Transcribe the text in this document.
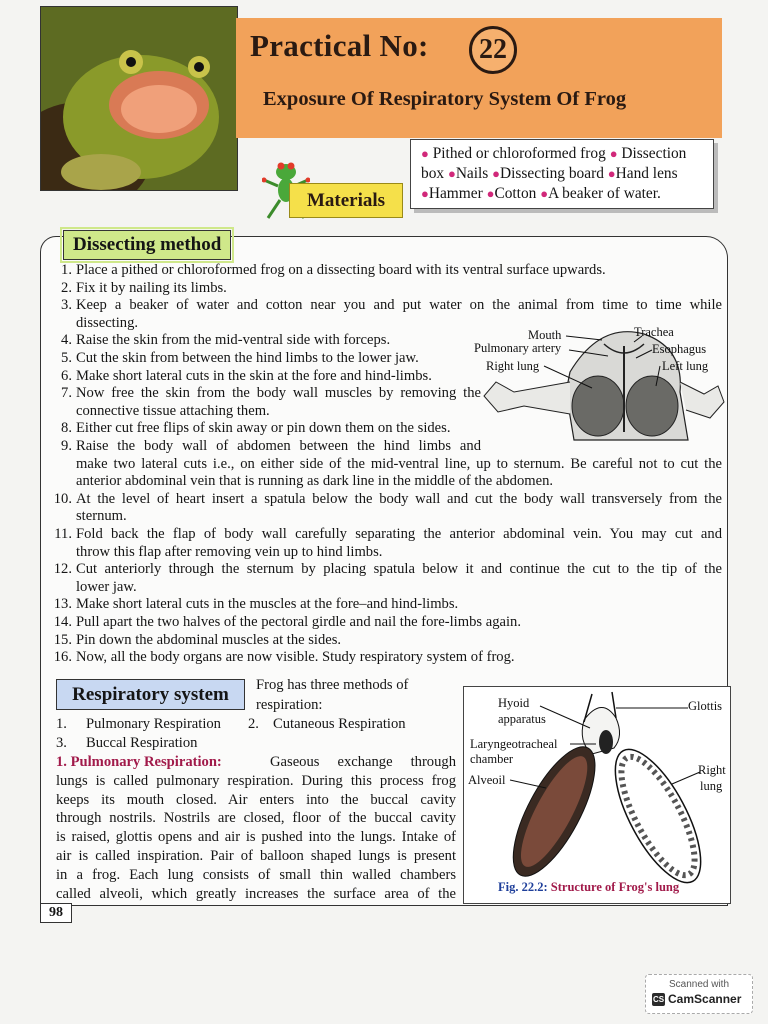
Practical No:	22
Exposure Of Respiratory System Of Frog
Materials
● Pithed or chloroformed frog ● Dissection
box ●Nails ●Dissecting board ●Hand lens
●Hammer ●Cotton ●A beaker of water.
Dissecting method
1. Place a pithed or chloroformed frog on a dissecting board with its ventral surface upwards.
2. Fix it by nailing its limbs.
3. Keep a beaker of water and cotton near you and put water on the animal from time to time while
dissecting.
4. Raise the skin from the mid-ventral side with forceps.
5. Cut the skin from between the hind limbs to the lower jaw.
6. Make short lateral cuts in the skin at the fore and hind-limbs.
7. Now free the skin from the body wall muscles by removing the
connective tissue attaching them.
8. Either cut free flips of skin away or pin down them on the sides.
9. Raise the body wall of abdomen between the hind limbs and
make two lateral cuts i.e., on either side of the mid-ventral line, up to sternum. Be careful not to cut the
anterior abdominal vein that is running as dark line in the middle of the abdomen.
10. At the level of heart insert a spatula below the body wall and cut the body wall transversely from the
sternum.
11. Fold back the flap of body wall carefully separating the anterior abdominal vein. You may cut and
throw this flap after removing vein up to hind limbs.
12. Cut anteriorly through the sternum by placing spatula below it and continue the cut to the tip of the
lower jaw.
13. Make short lateral cuts in the muscles at the fore–and hind-limbs.
14. Pull apart the two halves of the pectoral girdle and nail the fore-limbs again.
15. Pin down the abdominal muscles at the sides.
16. Now, all the body organs are now visible. Study respiratory system of frog.
Mouth	Trachea
Pulmonary artery	Esophagus
Right lung	Left lung
Respiratory system	Frog has three methods of
respiration:
1. Pulmonary Respiration 2. Cutaneous Respiration
3. Buccal Respiration
1. Pulmonary Respiration:	Gaseous exchange through
lungs is called pulmonary respiration. During this process frog
keeps its mouth closed. Air enters into the buccal cavity
through nostrils. Nostrils are closed, floor of the buccal cavity
is raised, glottis opens and air is pushed into the lungs. Intake of
air is called inspiration. Pair of balloon shaped lungs is present
in a frog. Each lung consists of small thin walled chambers
called alveoli, which greatly increases the surface area of the
Hyoid
apparatus
Glottis
Laryngeotracheal
chamber
Alveoil
Right
lung
Fig. 22.2: Structure of Frog's lung
98
Scanned with
CS CamScanner
